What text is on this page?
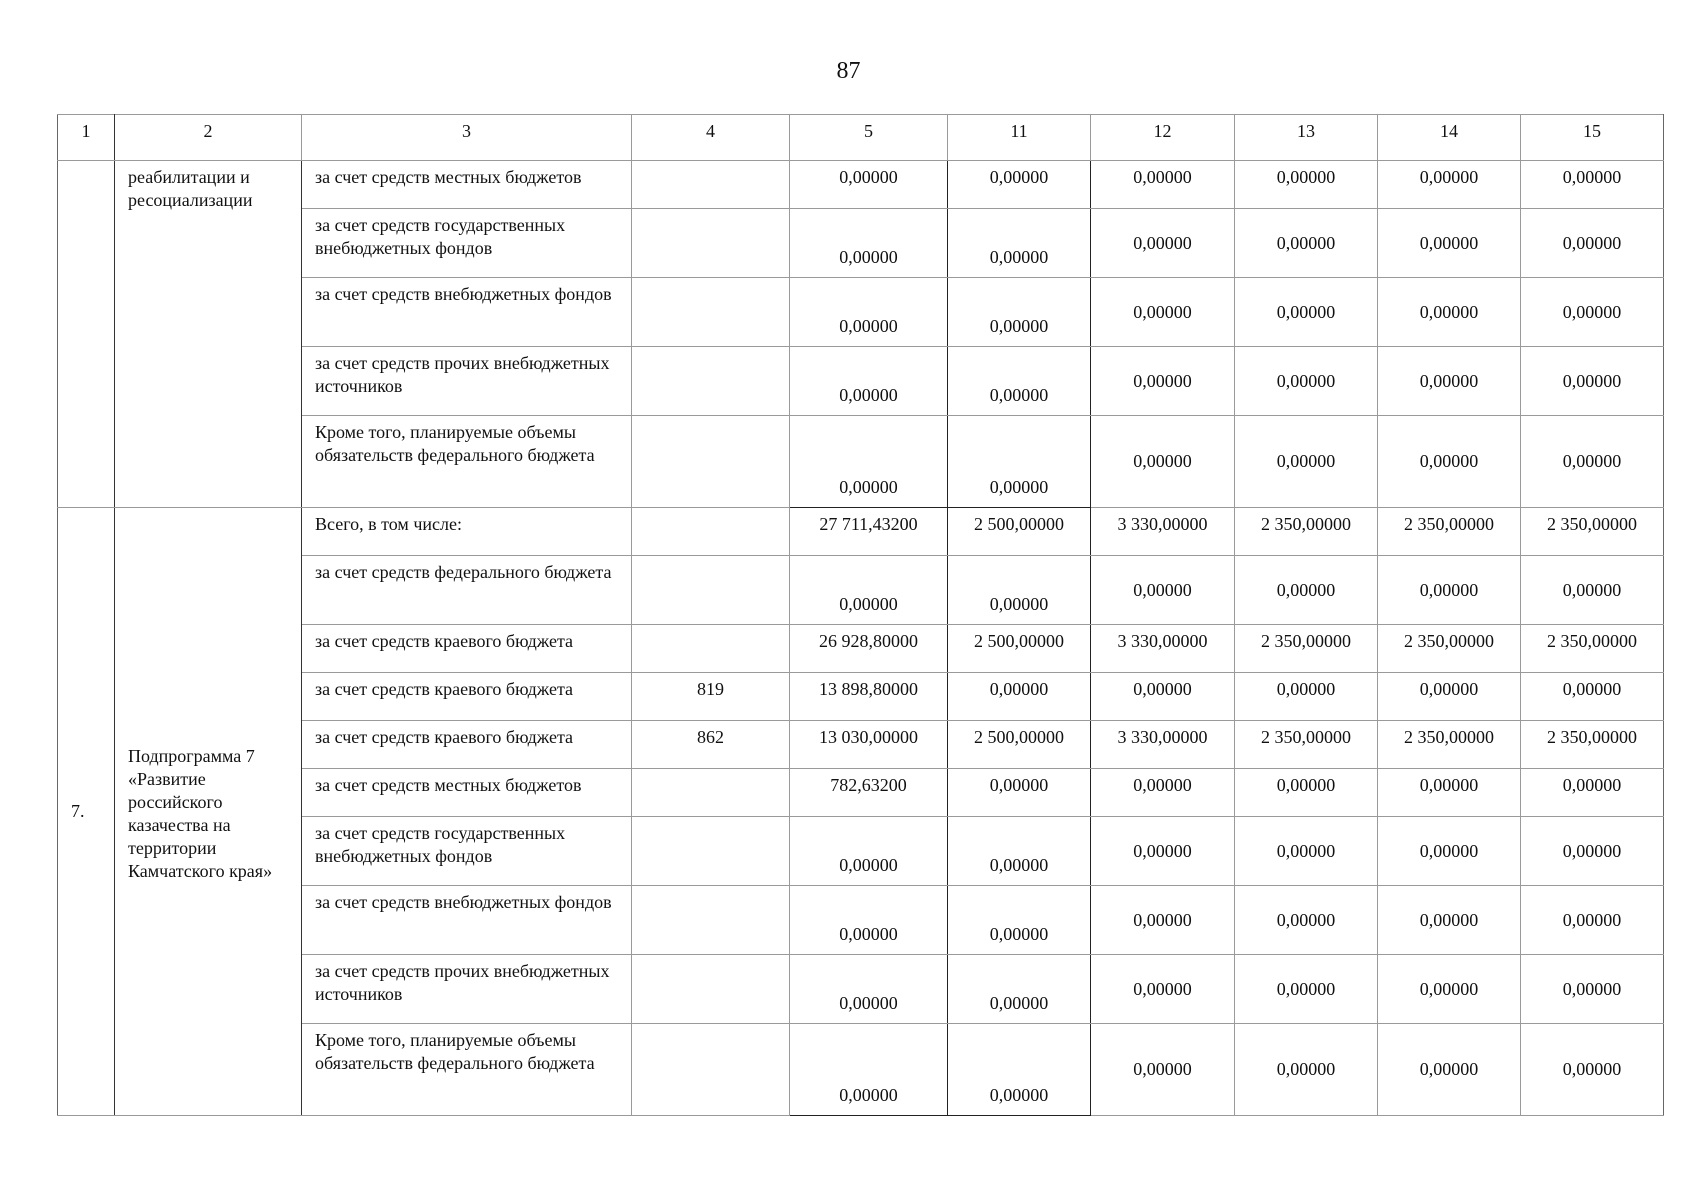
87
1	2	3	4	5	11	12	13	14	15
	реабилитации и ресоциализации	за счет средств местных бюджетов		0,00000	0,00000	0,00000	0,00000	0,00000	0,00000
		за счет средств государственных внебюджетных фондов		0,00000	0,00000	0,00000	0,00000	0,00000	0,00000
		за счет средств внебюджетных фондов		0,00000	0,00000	0,00000	0,00000	0,00000	0,00000
		за счет средств прочих внебюджетных источников		0,00000	0,00000	0,00000	0,00000	0,00000	0,00000
		Кроме того, планируемые объемы обязательств федерального бюджета		0,00000	0,00000	0,00000	0,00000	0,00000	0,00000
7.	Подпрограмма 7 «Развитие российского казачества на территории Камчатского края»	Всего, в том числе:		27 711,43200	2 500,00000	3 330,00000	2 350,00000	2 350,00000	2 350,00000
		за счет средств федерального бюджета		0,00000	0,00000	0,00000	0,00000	0,00000	0,00000
		за счет средств краевого бюджета		26 928,80000	2 500,00000	3 330,00000	2 350,00000	2 350,00000	2 350,00000
		за счет средств краевого бюджета	819	13 898,80000	0,00000	0,00000	0,00000	0,00000	0,00000
		за счет средств краевого бюджета	862	13 030,00000	2 500,00000	3 330,00000	2 350,00000	2 350,00000	2 350,00000
		за счет средств местных бюджетов		782,63200	0,00000	0,00000	0,00000	0,00000	0,00000
		за счет средств государственных внебюджетных фондов		0,00000	0,00000	0,00000	0,00000	0,00000	0,00000
		за счет средств внебюджетных фондов		0,00000	0,00000	0,00000	0,00000	0,00000	0,00000
		за счет средств прочих внебюджетных источников		0,00000	0,00000	0,00000	0,00000	0,00000	0,00000
		Кроме того, планируемые объемы обязательств федерального бюджета		0,00000	0,00000	0,00000	0,00000	0,00000	0,00000
